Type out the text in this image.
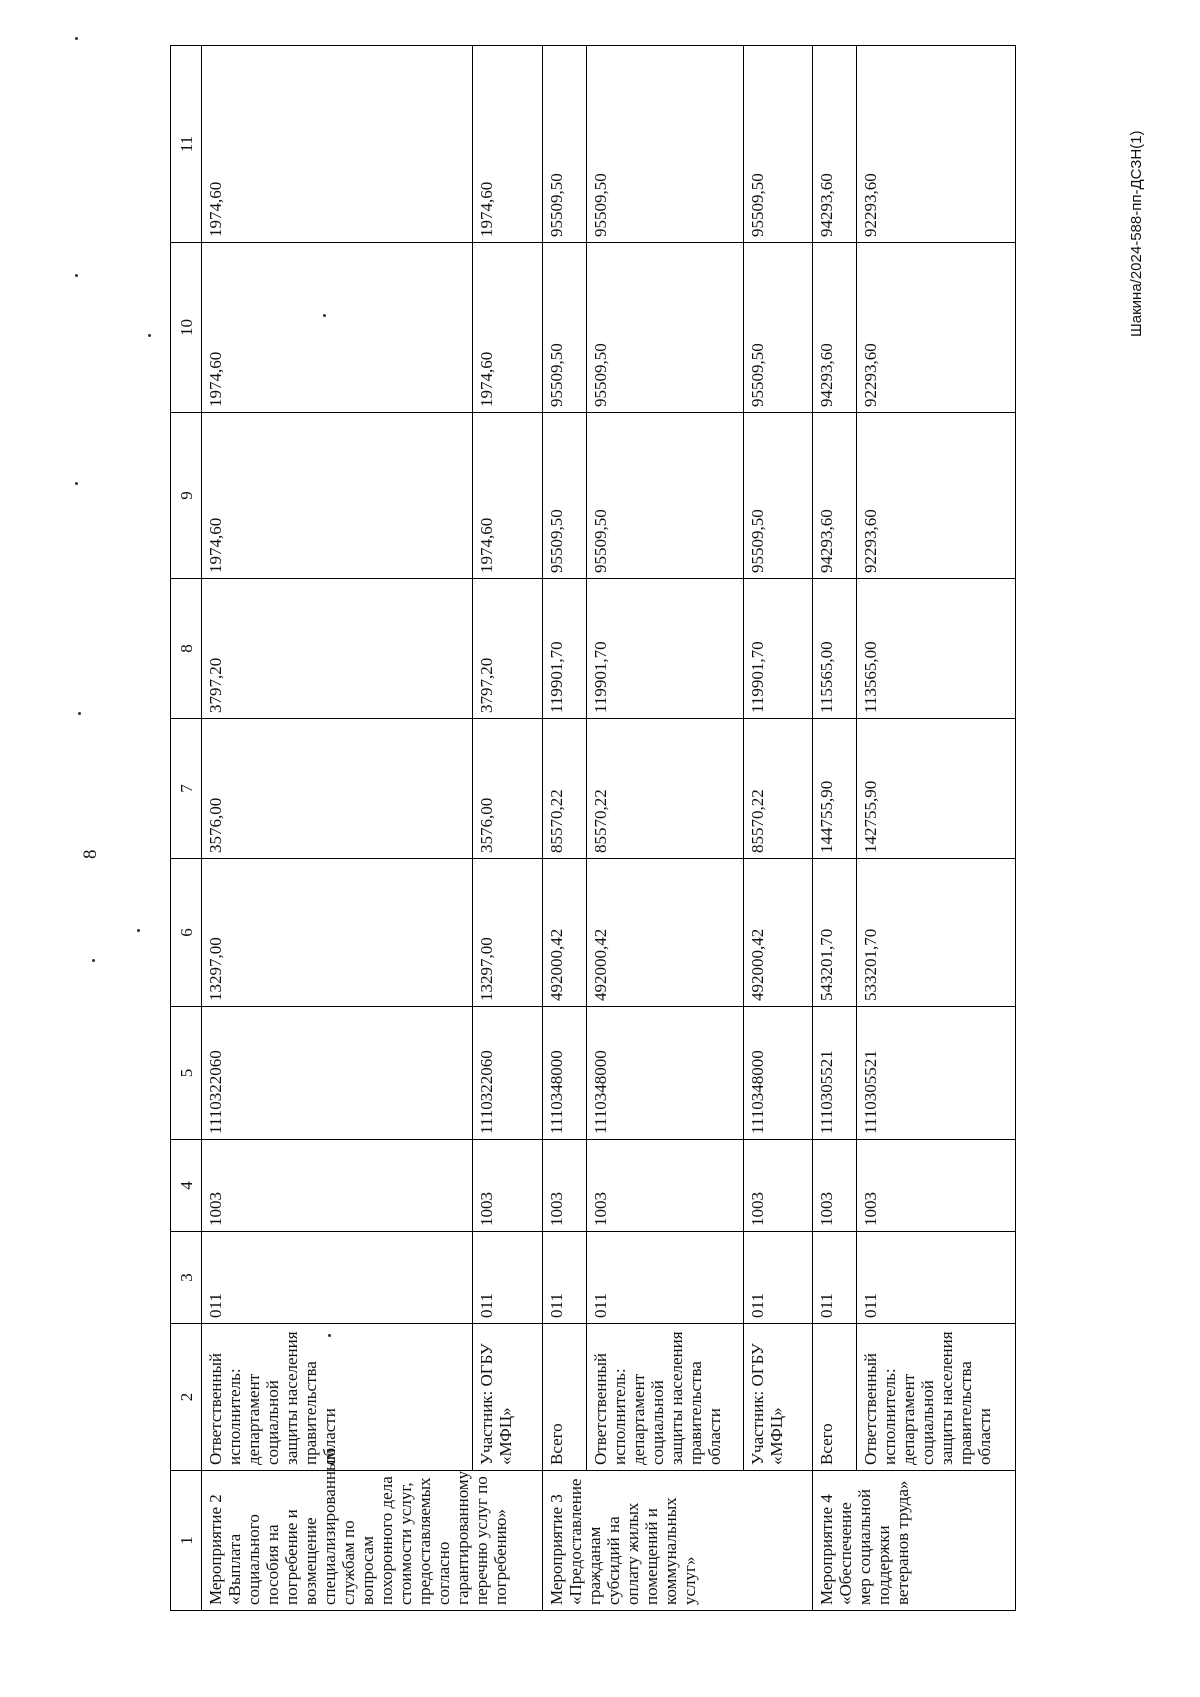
8
Шакина/2024-588-пп-ДСЗН(1)
1	2	3	4	5	6	7	8	9	10	11
Мероприятие 2 «Выплата социального пособия на погребение и возмещение специализированным службам по вопросам похоронного дела стоимости услуг, предоставляемых согласно гарантированному перечню услуг по погребению»	Ответственный исполнитель: департамент социальной защиты населения правительства области	011	1003	1110322060	13297,00	3576,00	3797,20	1974,60	1974,60	1974,60
	Участник: ОГБУ «МФЦ»	011	1003	1110322060	13297,00	3576,00	3797,20	1974,60	1974,60	1974,60
Мероприятие 3 «Предоставление гражданам субсидий на оплату жилых помещений и коммунальных услуг»	Всего	011	1003	1110348000	492000,42	85570,22	119901,70	95509,50	95509,50	95509,50
	Ответственный исполнитель: департамент социальной защиты населения правительства области	011	1003	1110348000	492000,42	85570,22	119901,70	95509,50	95509,50	95509,50
	Участник: ОГБУ «МФЦ»	011	1003	1110348000	492000,42	85570,22	119901,70	95509,50	95509,50	95509,50
Мероприятие 4 «Обеспечение мер социальной поддержки ветеранов труда»	Всего	011	1003	1110305521	543201,70	144755,90	115565,00	94293,60	94293,60	94293,60
	Ответственный исполнитель: департамент социальной защиты населения правительства области	011	1003	1110305521	533201,70	142755,90	113565,00	92293,60	92293,60	92293,60
